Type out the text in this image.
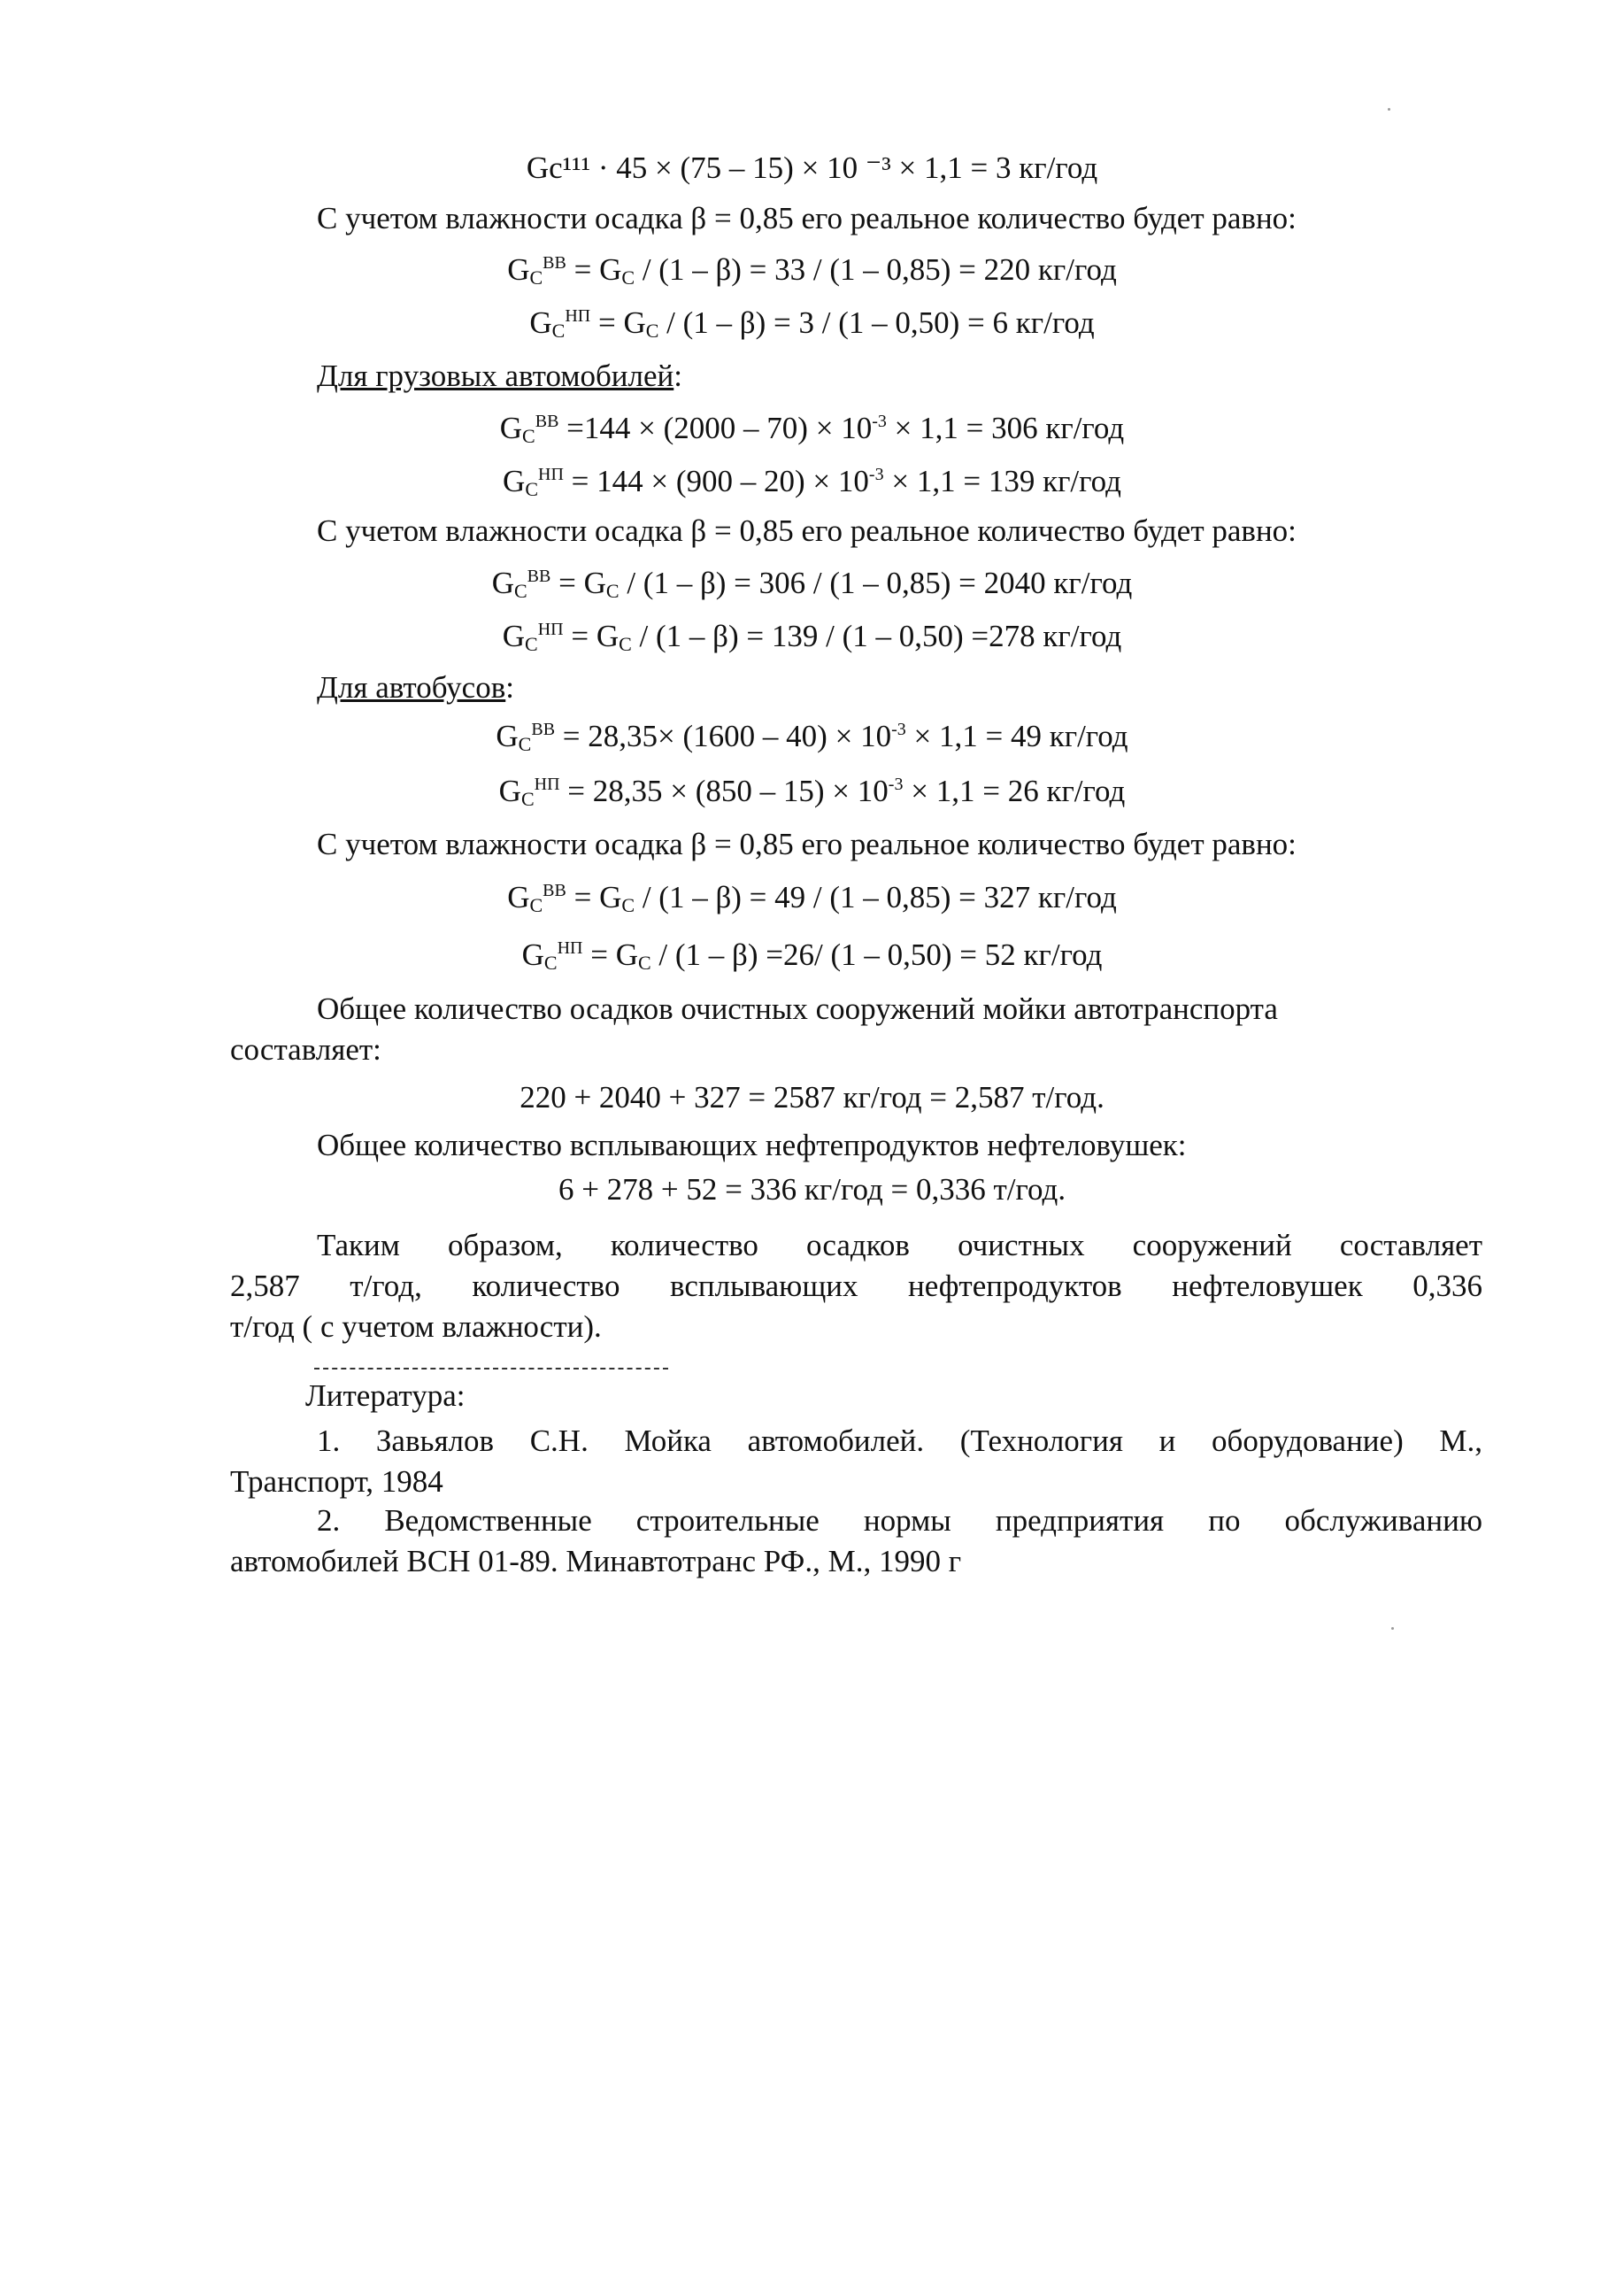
Gс¹¹¹ · 45 × (75 – 15) × 10 ⁻³ × 1,1 = 3 кг/год
С учетом влажности осадка β = 0,85 его реальное количество будет равно:
$G_C^{ВВ} = G_C / (1 - \beta) = 33 / (1 - 0,85) = 220$ кг/год
$G_C^{НП} = G_C / (1 - \beta) = 3 / (1 - 0,50) = 6$ кг/год
Для грузовых автомобилей:
$G_C^{ВВ} =144 \times (2000 - 70) \times 10^{-3} \times 1,1 = 306$ кг/год
$G_C^{НП} = 144 \times (900 - 20) \times 10^{-3} \times 1,1 = 139$ кг/год
С учетом влажности осадка β = 0,85 его реальное количество будет равно:
$G_C^{ВВ} = G_C / (1 - \beta) = 306 / (1 - 0,85) = 2040$ кг/год
$G_C^{НП} = G_C / (1 - \beta) = 139 / (1 - 0,50) =278$ кг/год
Для автобусов:
$G_C^{ВВ} = 28,35\times (1600 - 40) \times 10^{-3} \times 1,1 = 49$ кг/год
$G_C^{НП} = 28,35 \times (850 - 15) \times 10^{-3} \times 1,1 = 26$ кг/год
С учетом влажности осадка β = 0,85 его реальное количество будет равно:
$G_C^{ВВ} = G_C / (1 - \beta) = 49 / (1 - 0,85) = 327$ кг/год
$G_C^{НП} = G_C / (1 - \beta) =26/$ (1 – 0,50) = 52 кг/год
Общее количество осадков очистных сооружений мойки автотранспорта
составляет:
220 + 2040 + 327 = 2587 кг/год = 2,587 т/год.
Общее количество всплывающих нефтепродуктов нефтеловушек:
6 + 278 + 52 = 336 кг/год = 0,336 т/год.
Таким образом, количество осадков очистных сооружений составляет
2,587 т/год, количество всплывающих нефтепродуктов нефтеловушек 0,336
т/год ( с учетом влажности).
Литература:
1. Завьялов С.Н. Мойка автомобилей. (Технология и оборудование) М.,
Транспорт, 1984
2. Ведомственные строительные нормы предприятия по обслуживанию
автомобилей ВСН 01-89. Минавтотранс РФ., М., 1990 г
